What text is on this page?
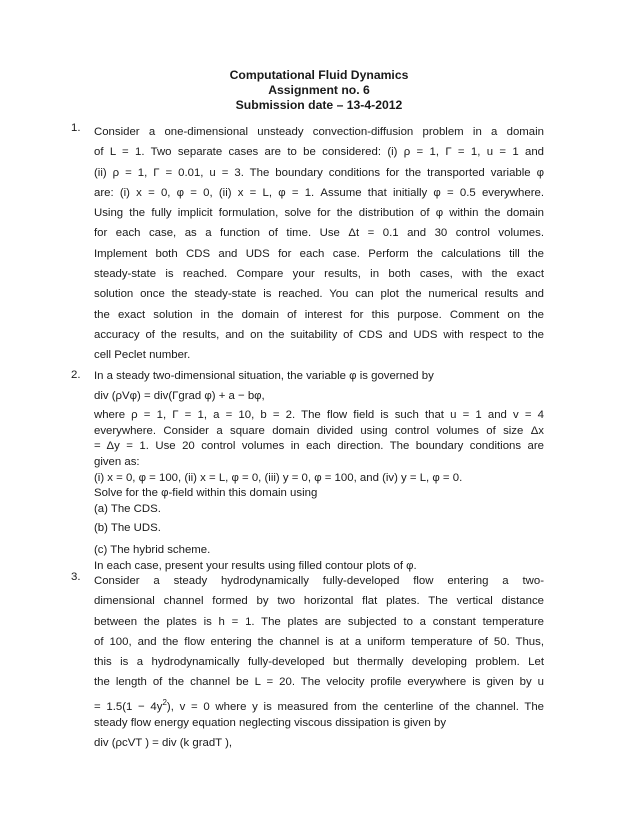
Computational Fluid Dynamics
Assignment no. 6
Submission date – 13-4-2012
1. Consider a one-dimensional unsteady convection-diffusion problem in a domain
of L = 1. Two separate cases are to be considered: (i) ρ = 1, Γ = 1, u = 1 and
(ii) ρ = 1, Γ = 0.01, u = 3. The boundary conditions for the transported variable φ
are: (i) x = 0, φ = 0, (ii) x = L, φ = 1. Assume that initially φ = 0.5 everywhere.
Using the fully implicit formulation, solve for the distribution of φ within the domain
for each case, as a function of time. Use Δt = 0.1 and 30 control volumes.
Implement both CDS and UDS for each case. Perform the calculations till the
steady-state is reached. Compare your results, in both cases, with the exact
solution once the steady-state is reached. You can plot the numerical results and
the exact solution in the domain of interest for this purpose. Comment on the
accuracy of the results, and on the suitability of CDS and UDS with respect to the
cell Peclet number.
2. In a steady two-dimensional situation, the variable φ is governed by
div (ρVφ) = div(Γgrad φ) + a − bφ,
where ρ = 1, Γ = 1, a = 10, b = 2. The flow field is such that u = 1 and v = 4
everywhere. Consider a square domain divided using control volumes of size Δx
= Δy = 1. Use 20 control volumes in each direction. The boundary conditions are
given as:
(i) x = 0, φ = 100, (ii) x = L, φ = 0, (iii) y = 0, φ = 100, and (iv) y = L, φ = 0.
Solve for the φ-field within this domain using
(a) The CDS.
(b) The UDS.
(c) The hybrid scheme.
In each case, present your results using filled contour plots of φ.
3. Consider a steady hydrodynamically fully-developed flow entering a two-
dimensional channel formed by two horizontal flat plates. The vertical distance
between the plates is h = 1. The plates are subjected to a constant temperature
of 100, and the flow entering the channel is at a uniform temperature of 50. Thus,
this is a hydrodynamically fully-developed but thermally developing problem. Let
the length of the channel be L = 20. The velocity profile everywhere is given by u
= $1.5(1 - 4y^2)$, v = 0 where y is measured from the centerline of the channel. The
steady flow energy equation neglecting viscous dissipation is given by
div (ρcVT ) = div (k gradT ),
